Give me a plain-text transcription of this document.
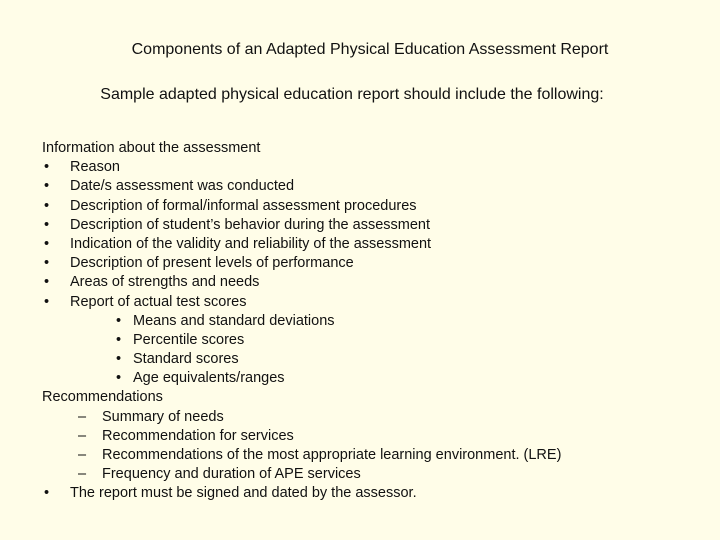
Components of an Adapted Physical Education Assessment Report
Sample adapted physical education report should include the following:
Information about the assessment
• Reason
• Date/s assessment was conducted
• Description of formal/informal assessment procedures
• Description of student’s behavior during the assessment
• Indication of the validity and reliability of the assessment
• Description of present levels of performance
• Areas of strengths and needs
• Report of actual test scores
• Means and standard deviations
• Percentile scores
• Standard scores
• Age equivalents/ranges
Recommendations
– Summary of needs
– Recommendation for services
– Recommendations of the most appropriate learning environment. (LRE)
– Frequency and duration of APE services
• The report must be signed and dated by the assessor.
